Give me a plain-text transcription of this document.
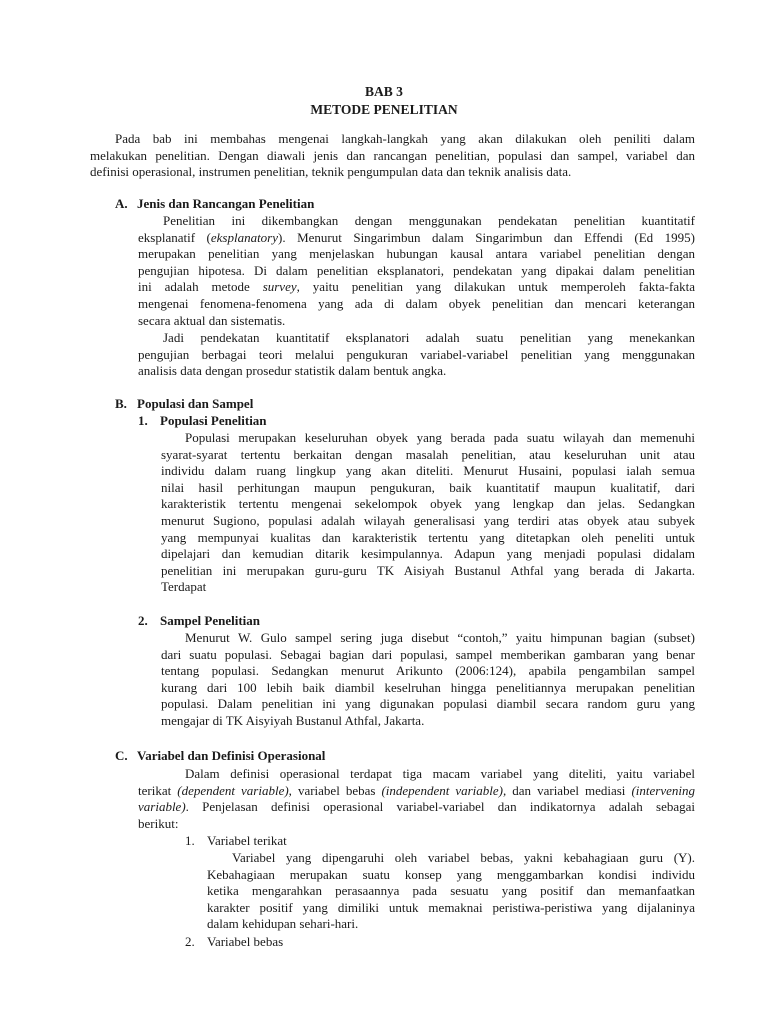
BAB 3
METODE PENELITIAN
Pada bab ini membahas mengenai langkah-langkah yang akan dilakukan oleh peniliti dalam
melakukan penelitian. Dengan diawali jenis dan rancangan penelitian, populasi dan sampel, variabel dan
definisi operasional, instrumen penelitian, teknik pengumpulan data dan teknik analisis data.
A. Jenis dan Rancangan Penelitian
Penelitian ini dikembangkan dengan menggunakan pendekatan penelitian kuantitatif
eksplanatif (eksplanatory). Menurut Singarimbun dalam Singarimbun dan Effendi (Ed 1995)
merupakan penelitian yang menjelaskan hubungan kausal antara variabel penelitian dengan
pengujian hipotesa. Di dalam penelitian eksplanatori, pendekatan yang dipakai dalam penelitian
ini adalah metode survey, yaitu penelitian yang dilakukan untuk memperoleh fakta-fakta
mengenai fenomena-fenomena yang ada di dalam obyek penelitian dan mencari keterangan
secara aktual dan sistematis.
Jadi pendekatan kuantitatif eksplanatori adalah suatu penelitian yang menekankan
pengujian berbagai teori melalui pengukuran variabel-variabel penelitian yang menggunakan
analisis data dengan prosedur statistik dalam bentuk angka.
B. Populasi dan Sampel
1. Populasi Penelitian
Populasi merupakan keseluruhan obyek yang berada pada suatu wilayah dan memenuhi
syarat-syarat tertentu berkaitan dengan masalah penelitian, atau keseluruhan unit atau
individu dalam ruang lingkup yang akan diteliti. Menurut Husaini, populasi ialah semua
nilai hasil perhitungan maupun pengukuran, baik kuantitatif maupun kualitatif, dari
karakteristik tertentu mengenai sekelompok obyek yang lengkap dan jelas. Sedangkan
menurut Sugiono, populasi adalah wilayah generalisasi yang terdiri atas obyek atau subyek
yang mempunyai kualitas dan karakteristik tertentu yang ditetapkan oleh peneliti untuk
dipelajari dan kemudian ditarik kesimpulannya. Adapun yang menjadi populasi didalam
penelitian ini merupakan guru-guru TK Aisiyah Bustanul Athfal yang berada di Jakarta.
Terdapat
2. Sampel Penelitian
Menurut W. Gulo sampel sering juga disebut “contoh,” yaitu himpunan bagian (subset)
dari suatu populasi. Sebagai bagian dari populasi, sampel memberikan gambaran yang benar
tentang populasi. Sedangkan menurut Arikunto (2006:124), apabila pengambilan sampel
kurang dari 100 lebih baik diambil keselruhan hingga penelitiannya merupakan penelitian
populasi. Dalam penelitian ini yang digunakan populasi diambil secara random guru yang
mengajar di TK Aisyiyah Bustanul Athfal, Jakarta.
C. Variabel dan Definisi Operasional
Dalam definisi operasional terdapat tiga macam variabel yang diteliti, yaitu variabel
terikat (dependent variable), variabel bebas (independent variable), dan variabel mediasi (intervening
variable). Penjelasan definisi operasional variabel-variabel dan indikatornya adalah sebagai
berikut:
1. Variabel terikat
Variabel yang dipengaruhi oleh variabel bebas, yakni kebahagiaan guru (Y).
Kebahagiaan merupakan suatu konsep yang menggambarkan kondisi individu
ketika mengarahkan perasaannya pada sesuatu yang positif dan memanfaatkan
karakter positif yang dimiliki untuk memaknai peristiwa-peristiwa yang dijalaninya
dalam kehidupan sehari-hari.
2. Variabel bebas
